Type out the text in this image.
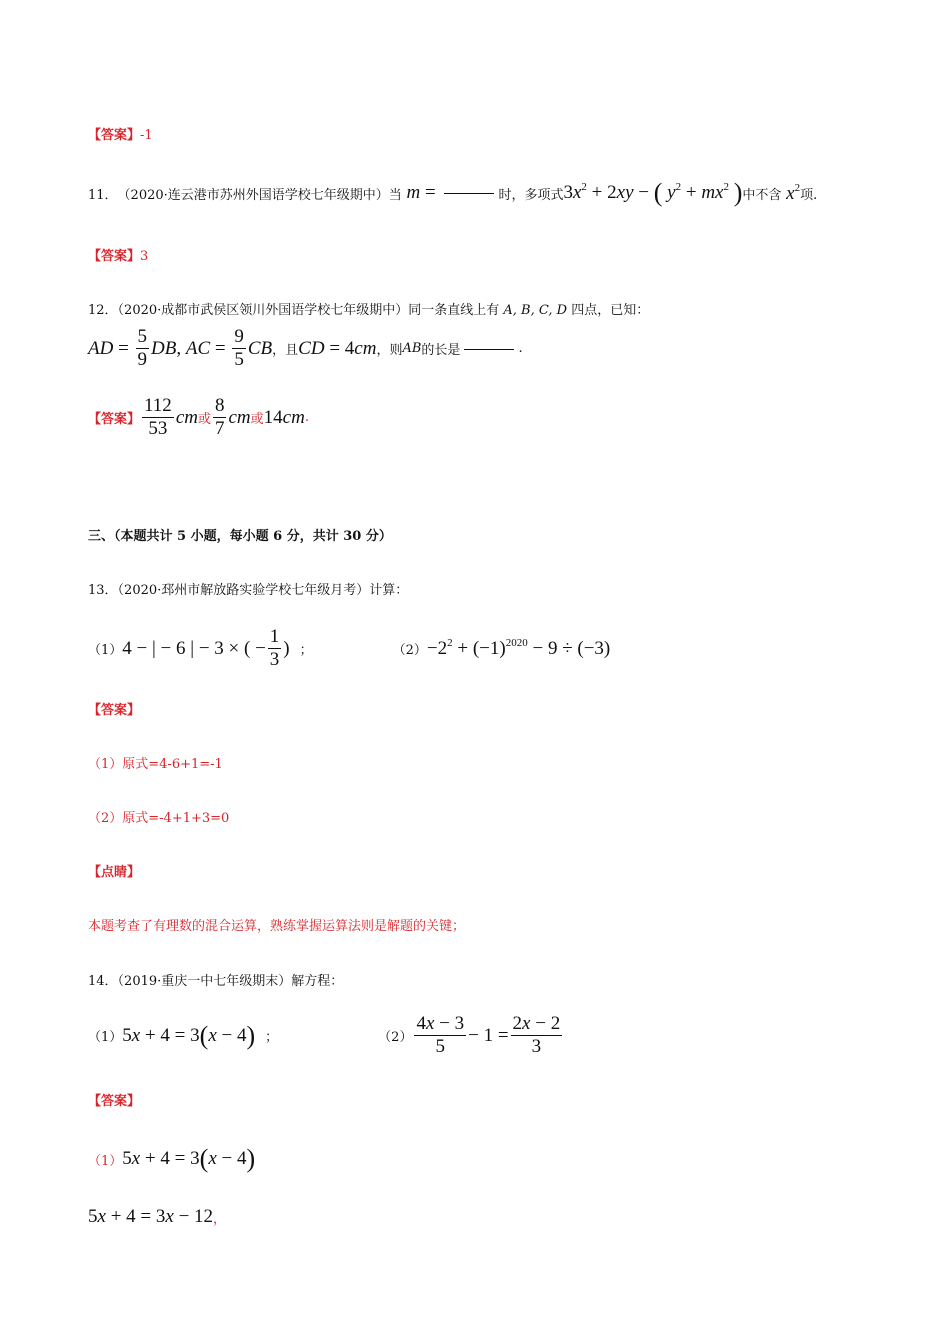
【答案】-1
11． （2020·连云港市苏州外国语学校七年级期中）当 m =	时，多项式 $3x^2 + 2xy$ − ( $y^2 + mx^2$ ) 中不含 $x^2$ 项.
【答案】3
12．（2020·成都市武侯区领川外国语学校七年级期中）同一条直线上有 A, B, C, D 四点，已知：
AD = $\frac{5}{9}$ DB , AC = $\frac{9}{5}$ CB ，且 CD = 4 cm ，则 AB 的长是	.
【答案】 $\frac{112}{53}$ cm 或 $\frac{8}{7}$ cm 或 14 cm .
三、（本题共计 5 小题，每小题 6 分，共计 30 分）
13．（2020·邳州市解放路实验学校七年级月考）计算：
（1） 4 − | − 6 | − 3 × ( − $\frac{1}{3}$ ) ；	$(2) -2^2 + (-1)^{2020} - 9 \div (-3)$
【答案】
（1）原式=4-6+1=-1
（2）原式=-4+1+3=0
【点睛】
本题考查了有理数的混合运算，熟练掌握运算法则是解题的关键；
14．（2019·重庆一中七年级期末）解方程：
（1） 5x + 4 = 3(x − 4) ；	$(2) \frac{4x - 3}{5} - 1 = \frac{2x - 2}{3}$
【答案】
（1） 5x + 4 = 3(x − 4)
5x + 4 = 3x − 12 ，
